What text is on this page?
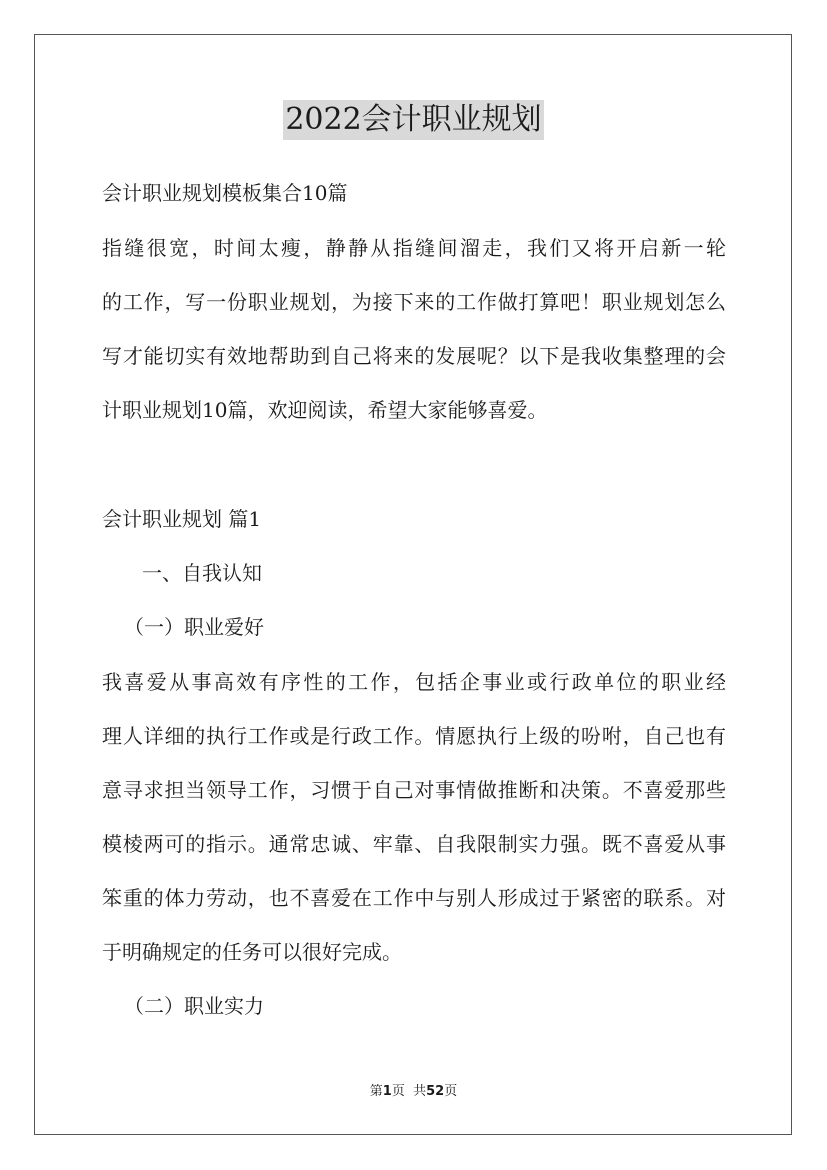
2022会计职业规划
会计职业规划模板集合10篇
指缝很宽，时间太瘦，静静从指缝间溜走，我们又将开启新一轮
的工作，写一份职业规划，为接下来的工作做打算吧！职业规划怎么
写才能切实有效地帮助到自己将来的发展呢？以下是我收集整理的会
计职业规划10篇，欢迎阅读，希望大家能够喜爱。
会计职业规划 篇1
一、自我认知
（一）职业爱好
我喜爱从事高效有序性的工作，包括企事业或行政单位的职业经
理人详细的执行工作或是行政工作。情愿执行上级的吩咐，自己也有
意寻求担当领导工作，习惯于自己对事情做推断和决策。不喜爱那些
模棱两可的指示。通常忠诚、牢靠、自我限制实力强。既不喜爱从事
笨重的体力劳动，也不喜爱在工作中与别人形成过于紧密的联系。对
于明确规定的任务可以很好完成。
（二）职业实力
第1页 共52页
